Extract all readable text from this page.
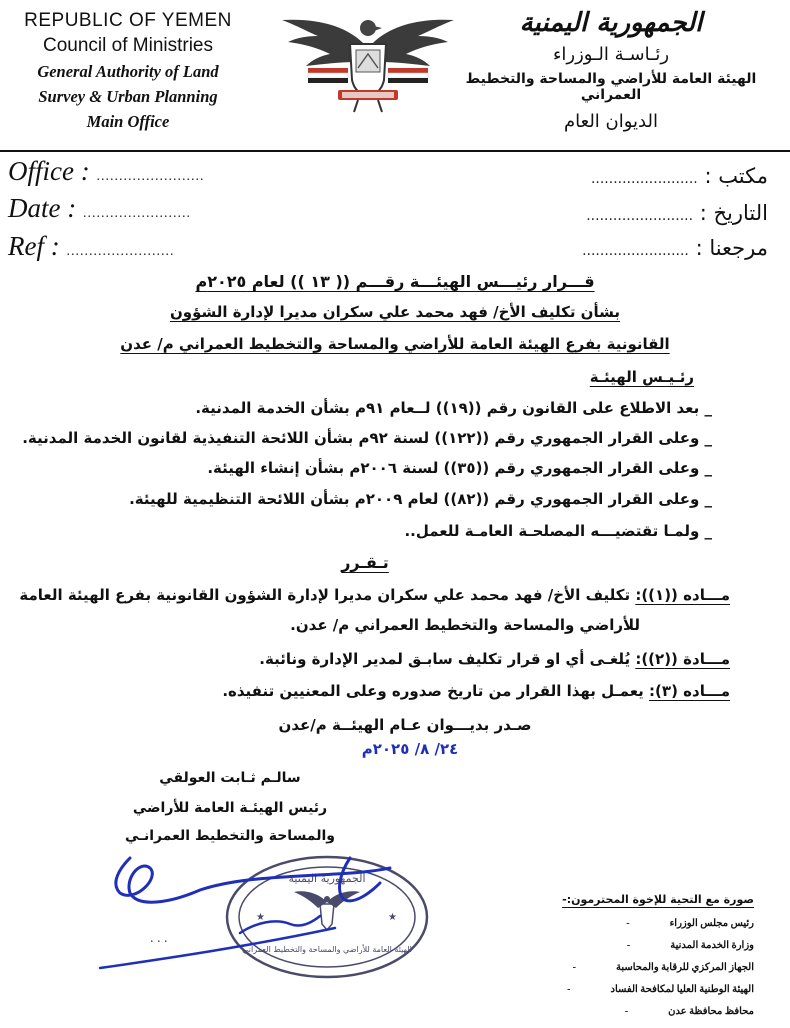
REPUBLIC OF YEMEN
Council of Ministries
General Authority of Land
Survey & Urban Planning
Main Office
الجمهورية اليمنية
رئـاسـة الـوزراء
الهيئة العامة للأراضي والمساحة والتخطيط العمراني
الديوان العام
Office : ........................
Date : ........................
Ref : ........................
مكتب : ........................
التاريخ : ........................
مرجعنا : ........................
قـــرار رئيـــس الهيئـــة رقـــم (( ١٣ )) لعام ٢٠٢٥م
بشأن تكليف الأخ/ فهد محمد علي سكران مديرا لإدارة الشؤون
القانونية بفرع الهيئة العامة للأراضي والمساحة والتخطيط العمراني م/ عدن
رئـيـس الهيئـة
_ بعد الاطلاع على القانون رقم ((١٩)) لــعام ٩١م بشأن الخدمة المدنية.
_ وعلى القرار الجمهوري رقم ((١٢٢)) لسنة ٩٢م بشأن اللائحة التنفيذية لقانون الخدمة المدنية.
_ وعلى القرار الجمهوري رقم ((٣٥)) لسنة ٢٠٠٦م بشأن إنشاء الهيئة.
_ وعلى القرار الجمهوري رقم ((٨٢)) لعام ٢٠٠٩م بشأن اللائحة التنظيمية للهيئة.
_ ولمـا تقتضيـــه المصلحـة العامـة للعمل..
تـقـرر
مـــاده ((١)): تكليف الأخ/ فهد محمد علي سكران مديرا لإدارة الشؤون القانونية بفرع الهيئة العامة
للأراضي والمساحة والتخطيط العمراني م/ عدن.
مـــادة ((٢)): يُلغـى أي او قرار تكليف سابـق لمدير الإدارة ونائبة.
مـــاده (٣): يعمـل بهذا القرار من تاريخ صدوره وعلى المعنيين تنفيذه.
صـدر بديـــوان عـام الهيئــة م/عدن
٢٤/ ٨/ ٢٠٢٥م
سالـم ثـابت العولقي
رئيس الهيئـة العامة للأراضي
والمساحة والتخطيط العمرانـي
الجمهورية اليمنية
الهيئة العامة للأراضي والمساحة والتخطيط العمراني
★	★
. . .
صورة مع التحية للإخوة المحترمون:-
رئيس مجلس الوزراء-
وزارة الخدمة المدنية-
الجهاز المركزي للرقابة والمحاسبة-
الهيئة الوطنية العليا لمكافحة الفساد-
محافظ محافظة عدن-
